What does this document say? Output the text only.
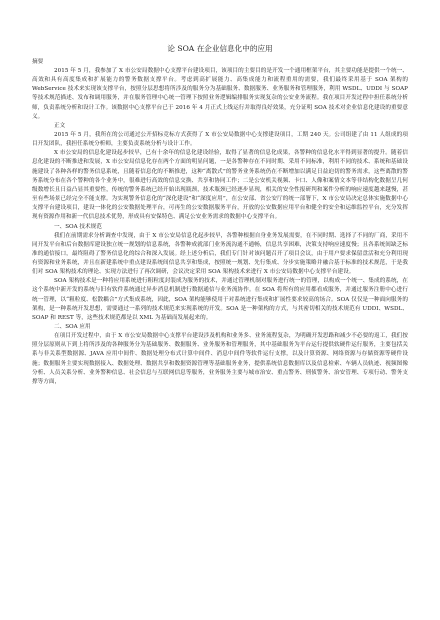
论 SOA 在企业信息化中的应用
摘要

2015 年 5 月，我参加了 X 市公安局数据中心支撑平台建设项目，该项目的主要目的是开发一个通用框架平台，其主要功能是提供一个统一、高效和具有高度集成和扩展能力的警务数据支撑平台。考虑到高扩展能力、高集成能力和流程重用的需要，我们最终采用基于 SOA 架构的 WebService 技术来实现该支撑平台，按照分层思想将所涉及的服务分为基础服务、数据服务、业务服务和管理服务，利用 WSDL、UDDI 与 SOAP 等技术规范描述、发布和调用服务，并在服务管理中心统一管理下按照业务逻辑编排服务实现复杂的公安业务流程。我在项目开发过程中担任系统分析师，负责系统分析和设计工作。该数据中心支撑平台已于 2016 年 4 月正式上线运行并取得良好效果，充分证明 SOA 技术对企业信息化建设的重要意义。

正文

2015 年 5 月，我所在的公司通过公开招标竞标方式获得了 X 市公安局数据中心支撑建设项目，工期 240 天。公司组建了由 11 人组成的项目开发团队，我担任系统分析师，主要负责系统分析与设计工作。

X 市公安局的信息化建设起步较早，已有十余年的信息化建设经验，取得了显著的信息化成果，各警种的信息化水平得到显著的提升。随着信息化建设的不断推进和发展，X 市公安局信息化存在两个方面的明显问题，一是各警种存在不同时期、采用不同标准，利用不同的技术、系统和基础设施建设了各种各样的警务信息系统，且随着信息化的不断推进，这种“离散式”的警务业务系统仍在不断增加以满足日益迫切的警务需求，这些离散的警务系统分布在各个警种的各个业务中，很难进行高效的信息交换、共享和协同工作；二是公安机关视频、卡口、人像和案情文本等非结构化数据呈几何级数增长且日益凸显其重要性，传统的警务系统已经开始出现瓶颈，技术瓶颈已经逐步显现，相关的安全性报研判和案件分析的响应速度越来越慢，甚至有些场景已经完全不能支撑。为实现警务信息化的“深化建设”和“深度应用”，在公安部、省公安厅的统一部署下，X 市公安局决定总体实施数据中心支撑平台建设项目，建设一体化的公安数据处理平台，可再生的公安数据服务平台，开放的公安数据应用平台和健全的安全和运维监控平台，充分发挥现有资源作用和新一代信息技术优势，形成具有安保特色、满足公安业务需求的数据中心支撑平台。

一、SOA 技术规范

我们在前期需求分析调查中发现，由于 X 市公安局信息化起步较早，各警种根据自身业务发展需要，在不同时期、选择了不同的厂商，采用不同开发平台和后台数据库建设独立统一规划的信息系统，各警种成就部门业务流沟通不通畅，信息共享困难，决策支持响应速度慢；且各系统间缺乏标准的通信接口，最终阻碍了警务信息化的综合和深入发展。经上述分析后，我们专门针对该问题召开了项目会议，由于用户要求保留盘活和充分利用现有资源和业务系统，并且在新建系统中重点建设系统间信息共享和集成，按照统一规划、先行集成、分步实施策略并融合基于标准的技术规范，于是我们对 SOA 架构技术的理论、实现方法进行了再次调研，会议决定采用 SOA 架构技术来进行 X 市公安局数据中心支撑平台建设。

SOA 架构技术是一种将应用系统进行粗粒度封装成为服务的技术，并通过管理机制对服务进行统一的管理，以构成一个统一、集成的系统，在这个系统中新开发的系统与旧有软件系统通过异步消息机制进行数据通信与业务流协作。在 SOA 将所有的应用都看成服务，并通过服务注册中心进行统一管理，以“粗粒度、松散耦合”方式集成系统，因此，SOA 架构能够使用于对系统进行集成和扩展性要求较高的场合。SOA 仅仅是一种面向服务的架构，是一种系统开发思想，需要通过一系列的技术规范来实现系统的开发。SOA 是一种架构的方式，与其密切相关的技术规范有 UDDI、WSDL、SOAP 和 REST 等，这些技术规范都是以 XML 为基础而发展起来的。

二、SOA 应用

在项目开发过程中，由于 X 市公安局数据中心支撑平台建设涉及机构和业务多、业务流程复杂，为明确开发思路和减少不必要的返工，我们按照分层原则从下到上将所涉及的各种服务分为基础服务、数据服务、业务服务和管理服务，其中基础服务为平台运行提供软硬件运行服务，主要包括关系与非关系型数据源、JAVA 应用中间件、数据处理分布式计算中间件、消息中间件等软件运行支撑，以及计算资源、网络资源与存储资源等硬件设施；数据服务主要实现数据接入、数据处理、数据共享和数据资源管理等基础服务业务，提供系统信息数据库以及信息检索、车辆人员轨迹、视频图像分析、人员关系分析、业务警种信息、社会信息与互联网信息等服务，业务服务主要与城市治安、重点警务、刑侦警务、治安管理、专项行动、警务支撑等方面，
